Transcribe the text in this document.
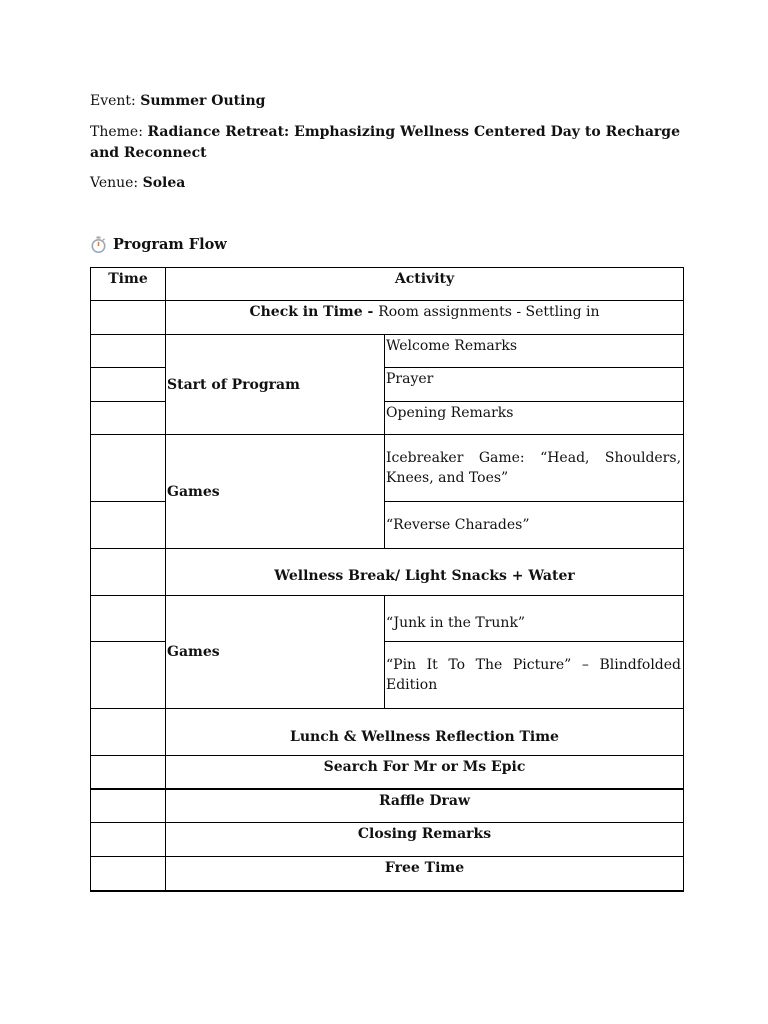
Event: Summer Outing
Theme: Radiance Retreat: Emphasizing Wellness Centered Day to Recharge and Reconnect
Venue: Solea
Program Flow
Time	Activity	
	Check in Time - Room assignments - Settling in	
	Start of Program	Welcome Remarks
		Prayer
		Opening Remarks
	Games	Icebreaker Game: “Head, Shoulders, Knees, and Toes”
		“Reverse Charades”
	Wellness Break/ Light Snacks + Water	
	Games	“Junk in the Trunk”
		“Pin It To The Picture” – Blindfolded Edition
	Lunch & Wellness Reflection Time	
	Search For Mr or Ms Epic	
	Raffle Draw	
	Closing Remarks	
	Free Time	
